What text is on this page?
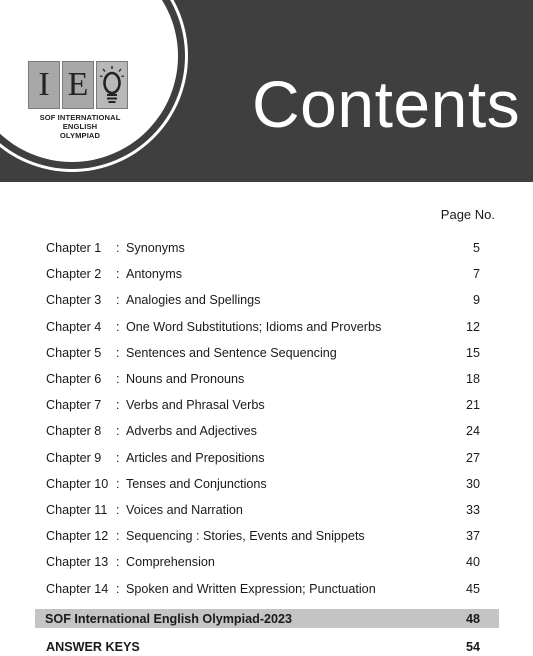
I E
SOF INTERNATIONAL ENGLISH
OLYMPIAD	Contents
Page No.
Chapter 1	: Synonyms	5
Chapter 2	: Antonyms	7
Chapter 3	: Analogies and Spellings	9
Chapter 4	: One Word Substitutions; Idioms and Proverbs	12
Chapter 5	: Sentences and Sentence Sequencing	15
Chapter 6	: Nouns and Pronouns	18
Chapter 7	: Verbs and Phrasal Verbs	21
Chapter 8	: Adverbs and Adjectives	24
Chapter 9	: Articles and Prepositions	27
Chapter 10 : Tenses and Conjunctions	30
Chapter 11 : Voices and Narration	33
Chapter 12 : Sequencing : Stories, Events and Snippets	37
Chapter 13 : Comprehension	40
Chapter 14 : Spoken and Written Expression; Punctuation	45
SOF International English Olympiad-2023	48
ANSWER KEYS	54
